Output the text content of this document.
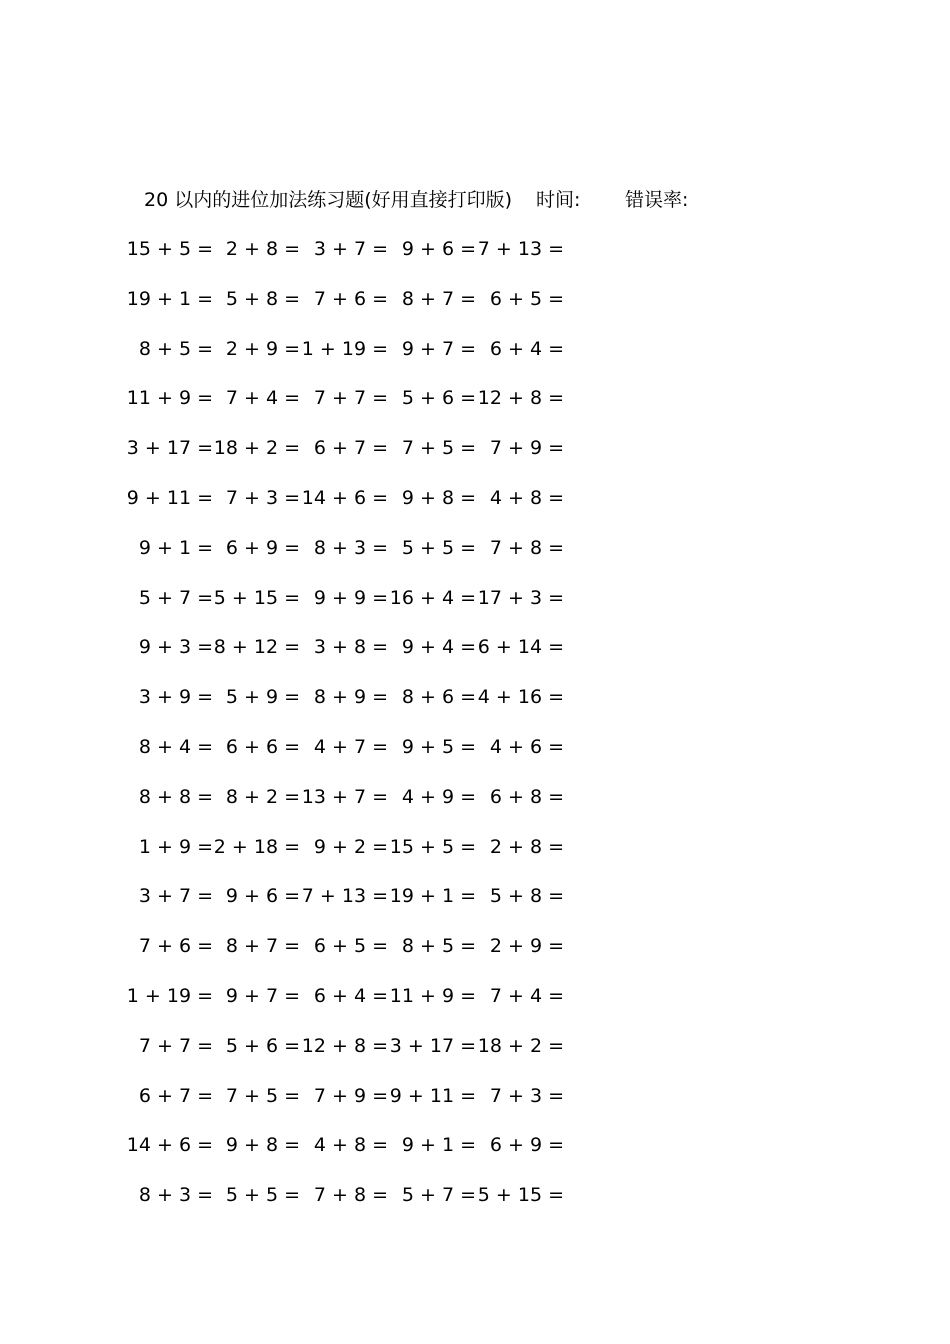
20 以内的进位加法练习题(好用直接打印版) 时间: 错误率:
15 + 5 = 2 + 8 = 3 + 7 = 9 + 6 = 7 + 13 =
19 + 1 = 5 + 8 = 7 + 6 = 8 + 7 = 6 + 5 =
8 + 5 = 2 + 9 = 1 + 19 = 9 + 7 = 6 + 4 =
11 + 9 = 7 + 4 = 7 + 7 = 5 + 6 = 12 + 8 =
3 + 17 = 18 + 2 = 6 + 7 = 7 + 5 = 7 + 9 =
9 + 11 = 7 + 3 = 14 + 6 = 9 + 8 = 4 + 8 =
9 + 1 = 6 + 9 = 8 + 3 = 5 + 5 = 7 + 8 =
5 + 7 = 5 + 15 = 9 + 9 = 16 + 4 = 17 + 3 =
9 + 3 = 8 + 12 = 3 + 8 = 9 + 4 = 6 + 14 =
3 + 9 = 5 + 9 = 8 + 9 = 8 + 6 = 4 + 16 =
8 + 4 = 6 + 6 = 4 + 7 = 9 + 5 = 4 + 6 =
8 + 8 = 8 + 2 = 13 + 7 = 4 + 9 = 6 + 8 =
1 + 9 = 2 + 18 = 9 + 2 = 15 + 5 = 2 + 8 =
3 + 7 = 9 + 6 = 7 + 13 = 19 + 1 = 5 + 8 =
7 + 6 = 8 + 7 = 6 + 5 = 8 + 5 = 2 + 9 =
1 + 19 = 9 + 7 = 6 + 4 = 11 + 9 = 7 + 4 =
7 + 7 = 5 + 6 = 12 + 8 = 3 + 17 = 18 + 2 =
6 + 7 = 7 + 5 = 7 + 9 = 9 + 11 = 7 + 3 =
14 + 6 = 9 + 8 = 4 + 8 = 9 + 1 = 6 + 9 =
8 + 3 = 5 + 5 = 7 + 8 = 5 + 7 = 5 + 15 =
